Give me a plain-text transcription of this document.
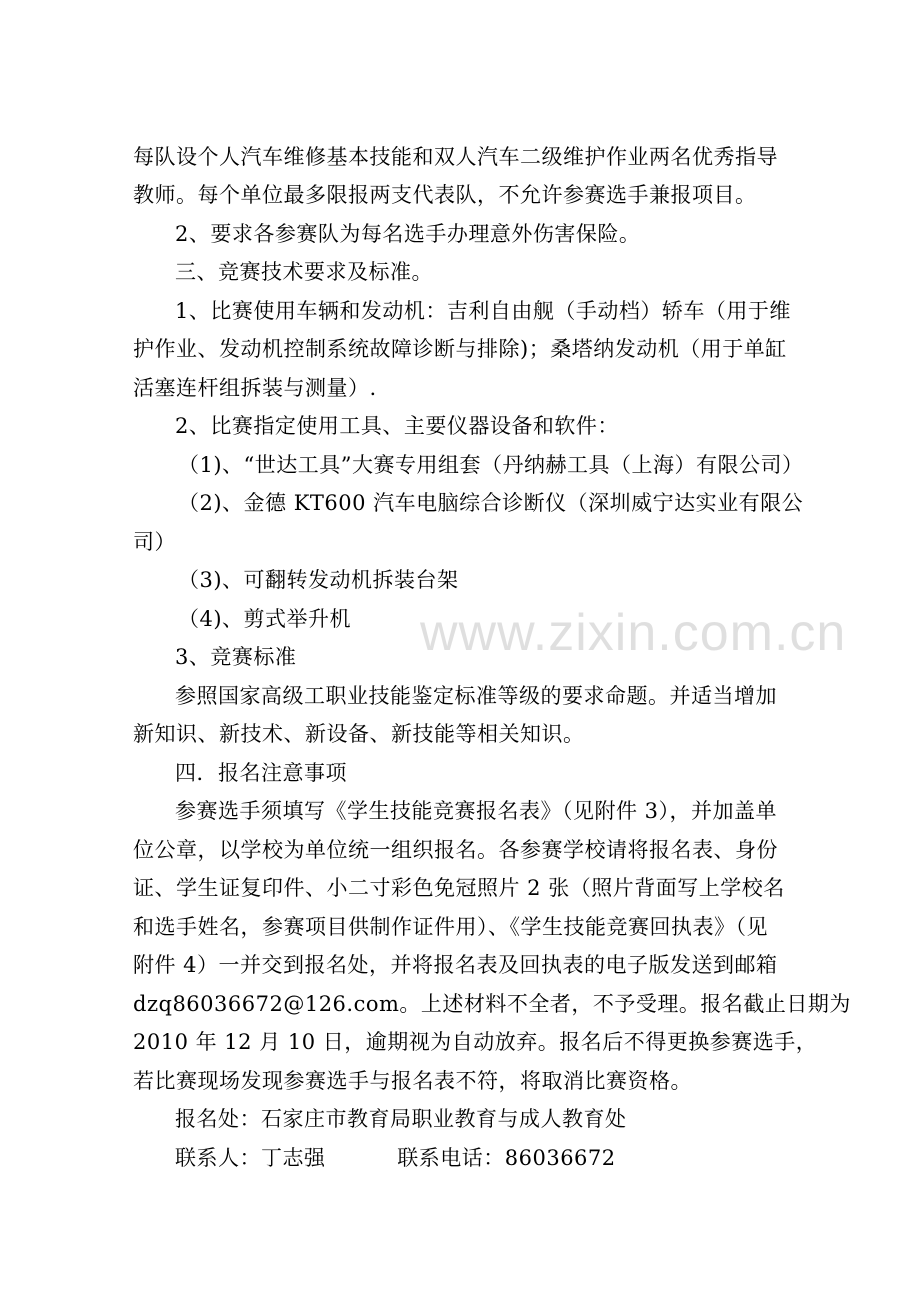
每队设个人汽车维修基本技能和双人汽车二级维护作业两名优秀指导
教师。每个单位最多限报两支代表队，不允许参赛选手兼报项目。
2、要求各参赛队为每名选手办理意外伤害保险。
三、竞赛技术要求及标准。
1、比赛使用车辆和发动机：吉利自由舰（手动档）轿车（用于维
护作业、发动机控制系统故障诊断与排除)；桑塔纳发动机（用于单缸
活塞连杆组拆装与测量）.
2、比赛指定使用工具、主要仪器设备和软件：
（1)、“世达工具”大赛专用组套（丹纳赫工具（上海）有限公司）
（2)、金德 KT600 汽车电脑综合诊断仪（深圳威宁达实业有限公
司）
（3)、可翻转发动机拆装台架
（4)、剪式举升机
3、竞赛标准
参照国家高级工职业技能鉴定标准等级的要求命题。并适当增加
新知识、新技术、新设备、新技能等相关知识。
四．报名注意事项
参赛选手须填写《学生技能竞赛报名表》（见附件 3），并加盖单
位公章，以学校为单位统一组织报名。各参赛学校请将报名表、身份
证、学生证复印件、小二寸彩色免冠照片 2 张（照片背面写上学校名
和选手姓名，参赛项目供制作证件用）、《学生技能竞赛回执表》（见
附件 4）一并交到报名处，并将报名表及回执表的电子版发送到邮箱
dzq86036672@126.com。上述材料不全者，不予受理。报名截止日期为
2010 年 12 月 10 日，逾期视为自动放弃。报名后不得更换参赛选手，
若比赛现场发现参赛选手与报名表不符，将取消比赛资格。
报名处：石家庄市教育局职业教育与成人教育处
联系人：丁志强          联系电话：86036672
www.zixin.com.cn
